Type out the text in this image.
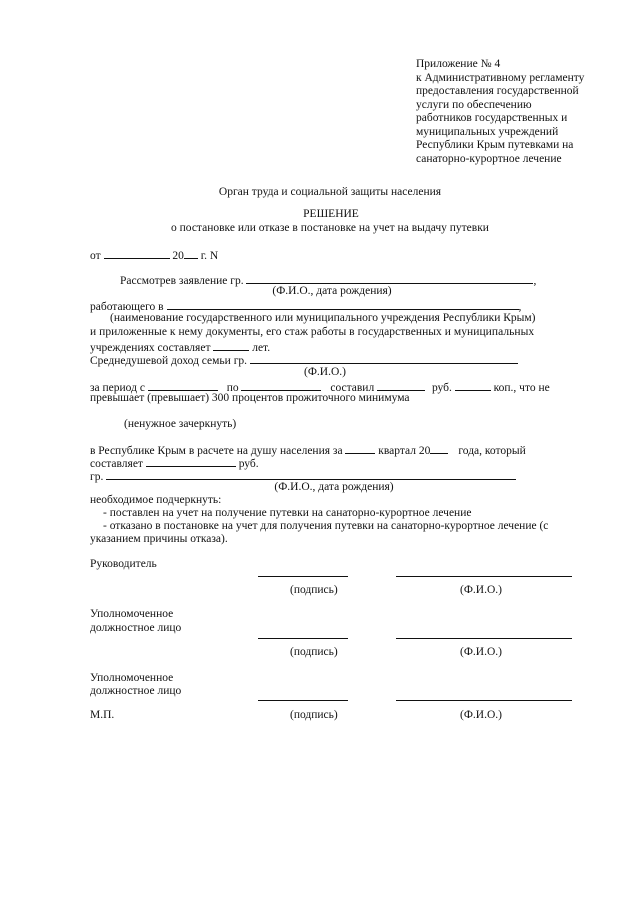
Приложение № 4
к Административному регламенту
предоставления государственной
услуги по обеспечению
работников государственных и
муниципальных учреждений
Республики Крым путевками на
санаторно-курортное лечение
Орган труда и социальной защиты населения
РЕШЕНИЕ
о постановке или отказе в постановке на учет на выдачу путевки
от	20 г. N
Рассмотрев заявление гр.	,
(Ф.И.О., дата рождения)
работающего в	,
(наименование государственного или муниципального учреждения Республики Крым)
и приложенные к нему документы, его стаж работы в государственных и муниципальных
учреждениях составляет	лет.
Среднедушевой доход семьи гр.
(Ф.И.О.)
за период с	по	составил	руб.	коп., что не
превышает (превышает) 300 процентов прожиточного минимума
(ненужное зачеркнуть)
в Республике Крым в расчете на душу населения за	квартал 20 года, который
составляет	руб.
гр.
(Ф.И.О., дата рождения)
необходимое подчеркнуть:
- поставлен на учет на получение путевки на санаторно-курортное лечение
- отказано в постановке на учет для получения путевки на санаторно-курортное лечение (с
указанием причины отказа).
Руководитель
(подпись)	(Ф.И.О.)
Уполномоченное
должностное лицо
(подпись)	(Ф.И.О.)
Уполномоченное
должностное лицо
М.П.	(подпись)	(Ф.И.О.)
